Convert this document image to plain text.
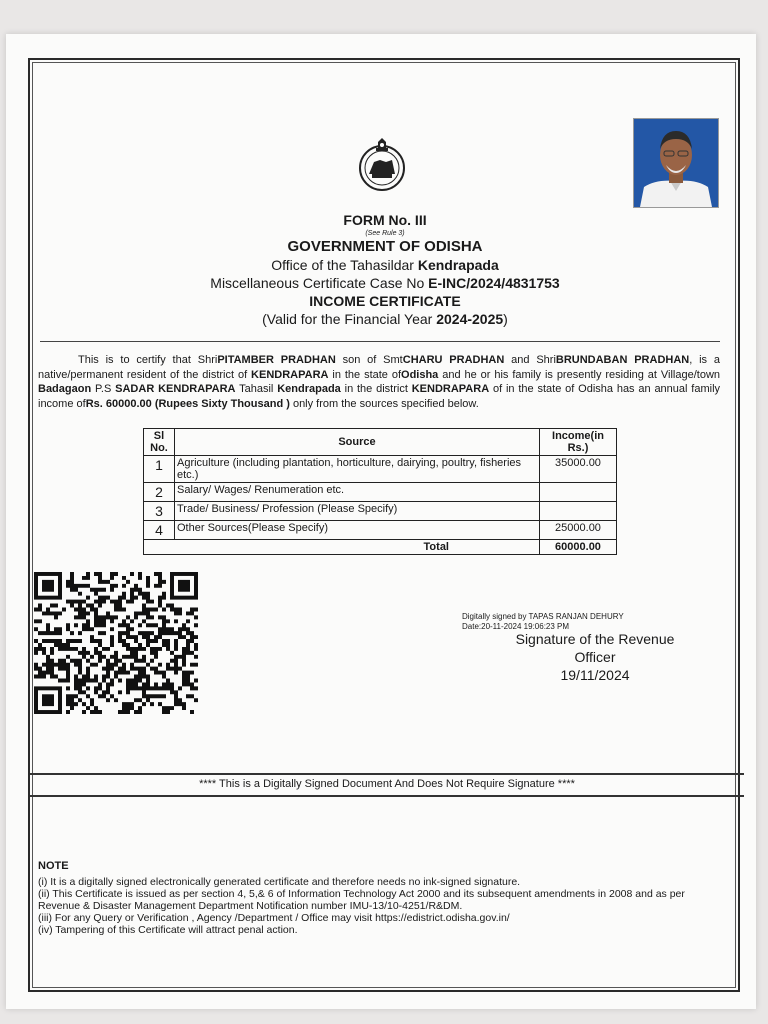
FORM No. III
(See Rule 3)
GOVERNMENT OF ODISHA
Office of the Tahasildar Kendrapada
Miscellaneous Certificate Case No E-INC/2024/4831753
INCOME CERTIFICATE
(Valid for the Financial Year 2024-2025)
This is to certify that ShriPITAMBER PRADHAN son of SmtCHARU PRADHAN and ShriBRUNDABAN PRADHAN, is a native/permanent resident of the district of KENDRAPARA in the state ofOdisha and he or his family is presently residing at Village/town Badagaon P.S SADAR KENDRAPARA Tahasil Kendrapada in the district KENDRAPARA of in the state of Odisha has an annual family income ofRs. 60000.00 (Rupees Sixty Thousand ) only from the sources specified below.
Sl No.	Source	Income(in Rs.)
1	Agriculture (including plantation, horticulture, dairying, poultry, fisheries etc.)	35000.00
2	Salary/ Wages/ Renumeration etc.	
3	Trade/ Business/ Profession (Please Specify)	
4	Other Sources(Please Specify)	25000.00
Total		60000.00
Digitally signed by TAPAS RANJAN DEHURY
Date:20-11-2024 19:06:23 PM
Signature of the Revenue
Officer
19/11/2024
**** This is a Digitally Signed Document And Does Not Require Signature ****
NOTE
(i) It is a digitally signed electronically generated certificate and therefore needs no ink-signed signature.
(ii) This Certificate is issued as per section 4, 5,& 6 of Information Technology Act 2000 and its subsequent amendments in 2008 and as per Revenue & Disaster Management Department Notification number IMU-13/10-4251/R&DM.
(iii) For any Query or Verification , Agency /Department / Office may visit https://edistrict.odisha.gov.in/
(iv) Tampering of this Certificate will attract penal action.
